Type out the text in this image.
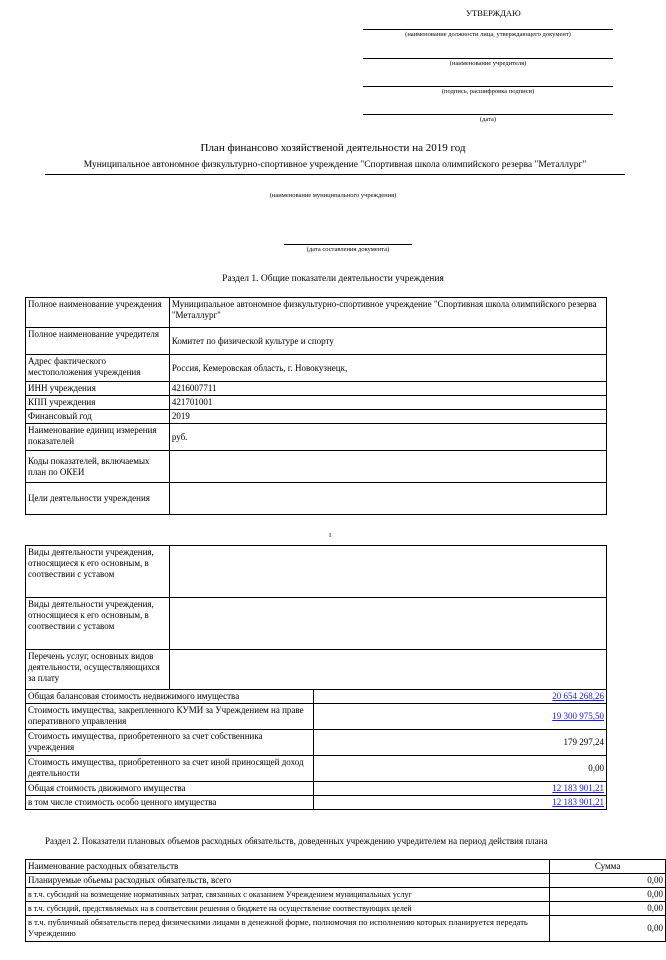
УТВЕРЖДАЮ
(наименование должности лица, утверждающего документ)
(наименование учредителя)
(подпись, расшифровка подписи)
(дата)
План финансово хозяйственой деятельности на 2019 год
Муниципальное автономное физкультурно-спортивное учреждение "Спортивная школа олимпийского резерва "Металлург"
(наименование муниципального учреждения)
(дата составления документа)
Раздел 1. Общие показатели деятельности учреждения
Полное наименование учреждения	Муниципальное автономное физкультурно-спортивное учреждение "Спортивная школа олимпийского резерва "Металлург"
Полное наименование учредителя	Комитет по физической культуре и спорту
Адрес фактического местоположения учреждения	Россия, Кемеровская область, г. Новокузнецк,
ИНН учреждения	4216007711
КПП учреждения	421701001
Финансовый год	2019
Наименование единиц измерения показателей	руб.
Коды показателей, включаемых план по ОКЕИ	
Цели деятельности учреждения	
1
Виды деятельности учреждения, относящиеся к его основным, в соотвествии с уставом		
Виды деятельности учреждения, относящиеся к его основным, в соотвествии с уставом		
Перечень услуг, основных видов деятельности, осуществляющихся за плату		
Общая балансовая стоимость недвижимого имущества		20 654 268,26
Стоимость имущества, закрепленного КУМИ за Учреждением на праве оперативного управления		19 300 975,50
Стоимость имущества, приобретенного за счет собственника учреждения		179 297,24
Стоимость имущества, приобретенного за счет иной приносящей доход деятельности		0,00
Общая стоимость движимого имущества		12 183 901,21
в том числе стоимость особо ценного имущества		12 183 901,21
Раздел 2. Показатели плановых объемов расходных обязательств, доведенных учреждению учредителем на период действия плана
Наименование расходных обязательств	Сумма
Планируемые обьемы расходных обязательств, всего	0,00
в т.ч. субсидий на возмещение нормативных затрат, связанных с оказанием Учреждением муниципальных услуг	0,00
в т.ч. субсидий, предстявляемых на в соответсвии решения о бюджете на осуществление соотвествующих целей	0,00
в т.ч. публичный обязательств перед физическими лицами в денежной форме, полномочия по исполнению которых планируется передать Учреждению	0,00
